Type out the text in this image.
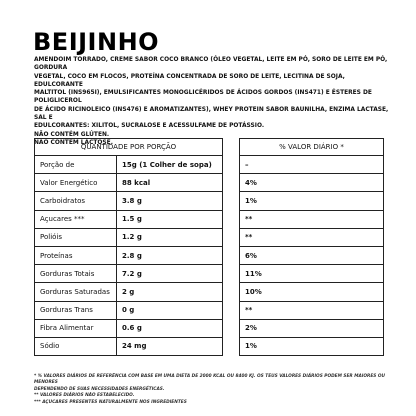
BEIJINHO
AMENDOIM TORRADO, CREME SABOR COCO BRANCO (ÓLEO VEGETAL, LEITE EM PÓ, SORO DE LEITE EM PÓ, GORDURA
VEGETAL, COCO EM FLOCOS, PROTEÍNA CONCENTRADA DE SORO DE LEITE, LECITINA DE SOJA, EDULCORANTE
MALTITOL (INS965I), EMULSIFICANTES MONOGLICÉRIDOS DE ÁCIDOS GORDOS (INS471) E ÉSTERES DE POLIGLICEROL
DE ÁCIDO RICINOLEICO (INS476) E AROMATIZANTES), WHEY PROTEIN SABOR BAUNILHA, ENZIMA LACTASE, SAL E
EDULCORANTES: XILITOL, SUCRALOSE E ACESSULFAME DE POTÁSSIO.
NÃO CONTÉM GLÚTEN.
NÃO CONTÉM LACTOSE.
QUANTIDADE POR PORÇÃO			% VALOR DIÁRIO *
Porção de	15g (1 Colher de sopa)		–
Valor Energético	88 kcal		4%
Carboidratos	3.8 g		1%
Açucares ***	1.5 g		**
Polióis	1.2 g		**
Proteínas	2.8 g		6%
Gorduras Totais	7.2 g		11%
Gorduras Saturadas	2 g		10%
Gorduras Trans	0 g		**
Fibra Alimentar	0.6 g		2%
Sódio	24 mg		1%
* % VALORES DIÁRIOS DE REFERÊNCIA COM BASE EM UMA DIETA DE 2000 KCAL OU 8400 KJ. OS TEUS VALORES DIÁRIOS PODEM SER MAIORES OU MENORES
DEPENDENDO DE SUAS NECESSIDADES ENERGÉTICAS.
** VALORES DIÁRIOS NÃO ESTABELECIDO.
*** AÇUCARES PRESENTES NATURALMENTE NOS INGREDIENTES
